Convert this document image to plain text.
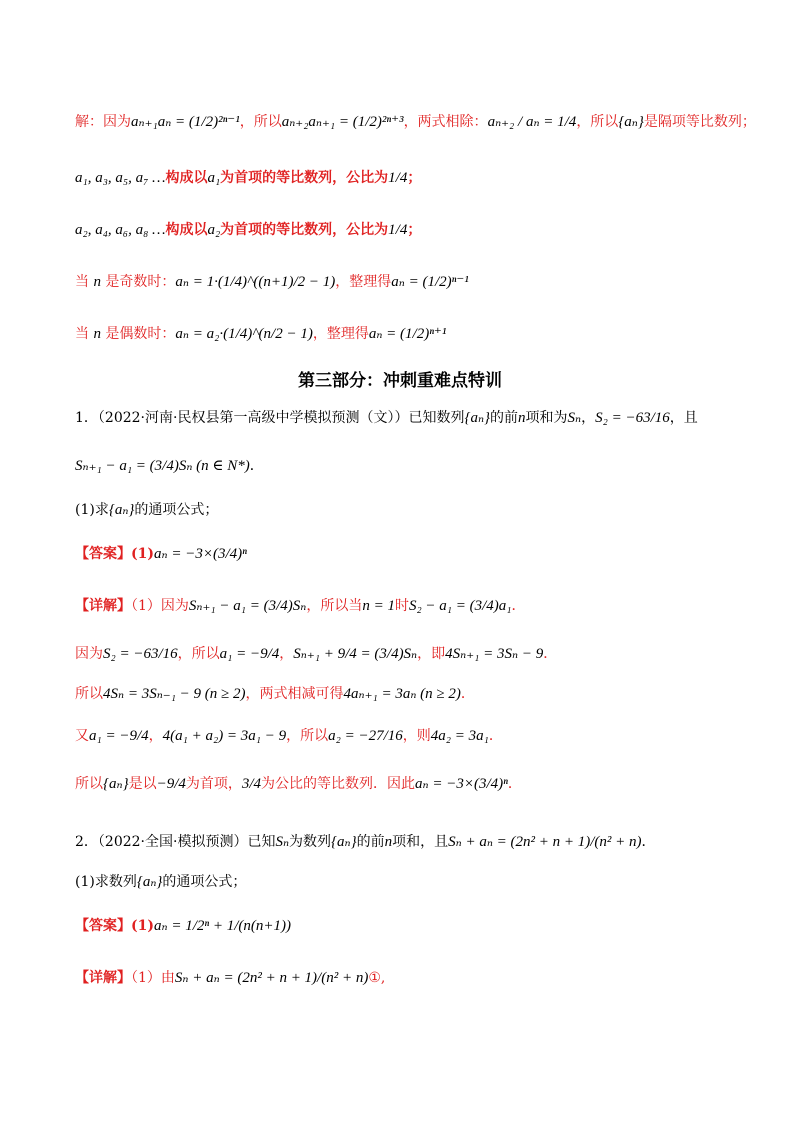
解：因为aₙ₊₁aₙ = (1/2)²ⁿ⁻¹，所以aₙ₊₂aₙ₊₁ = (1/2)²ⁿ⁺³，两式相除：aₙ₊₂ / aₙ = 1/4，所以{aₙ}是隔项等比数列；
a₁, a₃, a₅, a₇ …构成以a₁为首项的等比数列，公比为1/4；
a₂, a₄, a₆, a₈ …构成以a₂为首项的等比数列，公比为1/4；
当 n 是奇数时：aₙ = 1·(1/4)^((n+1)/2 − 1)，整理得aₙ = (1/2)ⁿ⁻¹
当 n 是偶数时：aₙ = a₂·(1/4)^(n/2 − 1)，整理得aₙ = (1/2)ⁿ⁺¹
第三部分：冲刺重难点特训
1．（2022·河南·民权县第一高级中学模拟预测（文））已知数列{aₙ}的前n项和为Sₙ，S₂ = −63/16，且
Sₙ₊₁ − a₁ = (3/4)Sₙ (n ∈ N*)．
(1)求{aₙ}的通项公式；
【答案】(1)aₙ = −3×(3/4)ⁿ
【详解】（1）因为Sₙ₊₁ − a₁ = (3/4)Sₙ，所以当n = 1时S₂ − a₁ = (3/4)a₁．
因为S₂ = −63/16，所以a₁ = −9/4，Sₙ₊₁ + 9/4 = (3/4)Sₙ，即4Sₙ₊₁ = 3Sₙ − 9．
所以4Sₙ = 3Sₙ₋₁ − 9 (n ≥ 2)，两式相减可得4aₙ₊₁ = 3aₙ (n ≥ 2)．
又a₁ = −9/4，4(a₁ + a₂) = 3a₁ − 9，所以a₂ = −27/16，则4a₂ = 3a₁．
所以{aₙ}是以−9/4为首项，3/4为公比的等比数列．因此aₙ = −3×(3/4)ⁿ．
2．（2022·全国·模拟预测）已知Sₙ为数列{aₙ}的前n项和，且Sₙ + aₙ = (2n² + n + 1)/(n² + n)．
(1)求数列{aₙ}的通项公式；
【答案】(1)aₙ = 1/2ⁿ + 1/(n(n+1))
【详解】（1）由Sₙ + aₙ = (2n² + n + 1)/(n² + n)①,
